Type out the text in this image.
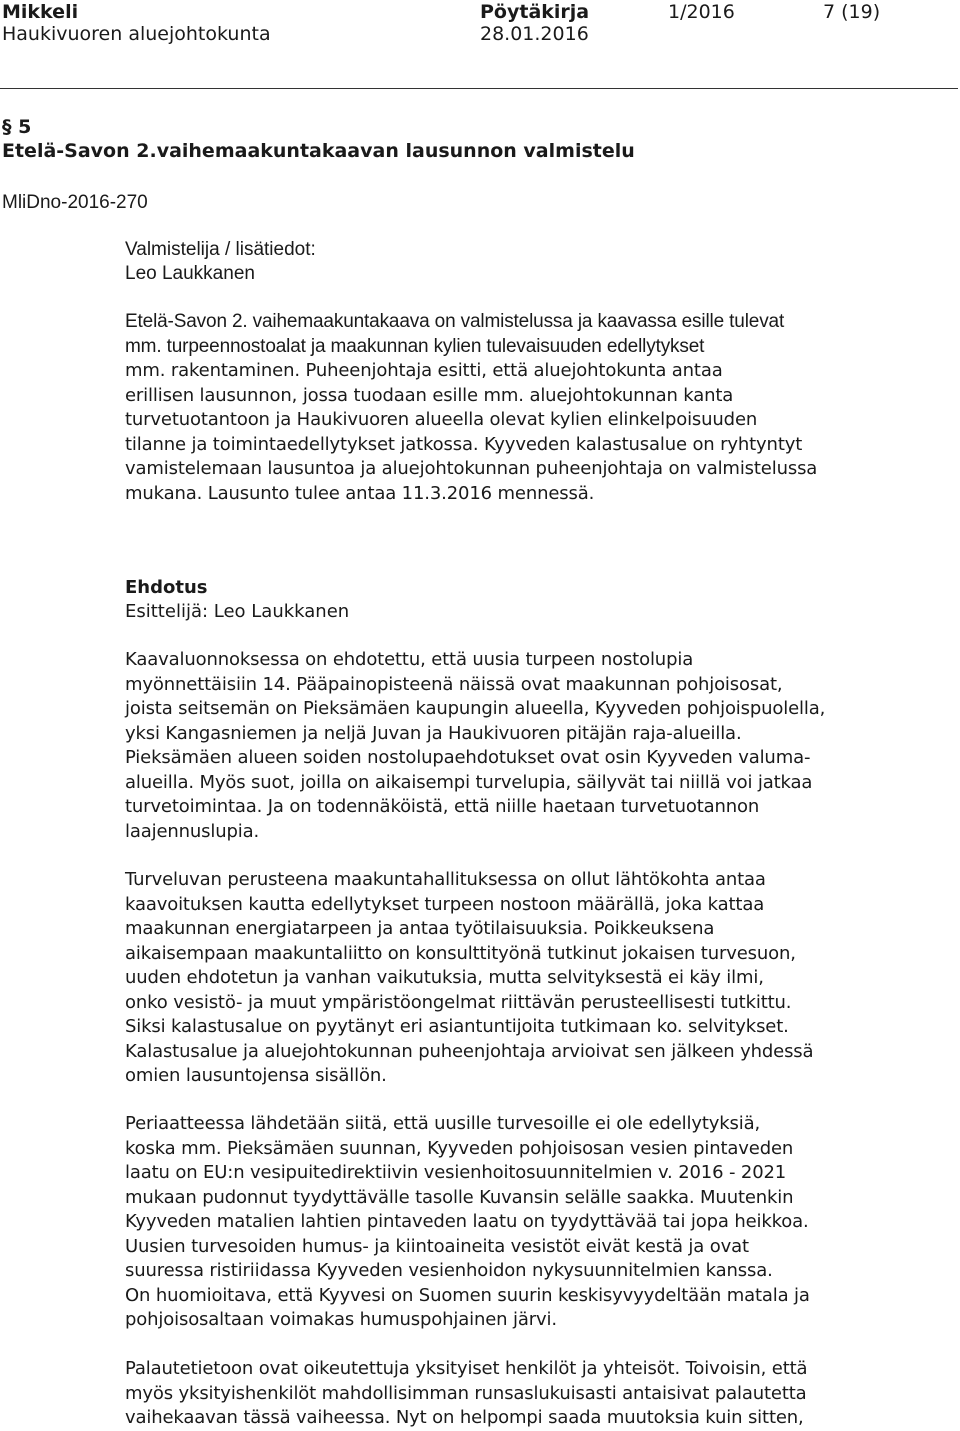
Mikkeli
Haukivuoren aluejohtokunta
Pöytäkirja
28.01.2016
1/2016	7 (19)
§ 5
Etelä-Savon 2.vaihemaakuntakaavan lausunnon valmistelu
MliDno-2016-270
Valmistelija / lisätiedot:
Leo Laukkanen
Etelä-Savon 2. vaihemaakuntakaava on valmistelussa ja kaavassa esille tulevat
mm. turpeennostoalat ja maakunnan kylien tulevaisuuden edellytykset
mm. rakentaminen. Puheenjohtaja esitti, että aluejohtokunta antaa
erillisen lausunnon, jossa tuodaan esille mm. aluejohtokunnan kanta
turvetuotantoon ja Haukivuoren alueella olevat kylien elinkelpoisuuden
tilanne ja toimintaedellytykset jatkossa. Kyyveden kalastusalue on ryhtyntyt
vamistelemaan lausuntoa ja aluejohtokunnan puheenjohtaja on valmistelussa
mukana. Lausunto tulee antaa 11.3.2016 mennessä.
Ehdotus
Esittelijä: Leo Laukkanen
Kaavaluonnoksessa on ehdotettu, että uusia turpeen nostolupia
myönnettäisiin 14. Pääpainopisteenä näissä ovat maakunnan pohjoisosat,
joista seitsemän on Pieksämäen kaupungin alueella, Kyyveden pohjoispuolella,
yksi Kangasniemen ja neljä Juvan ja Haukivuoren pitäjän raja-alueilla.
Pieksämäen alueen soiden nostolupaehdotukset ovat osin Kyyveden valuma-
alueilla. Myös suot, joilla on aikaisempi turvelupia, säilyvät tai niillä voi jatkaa
turvetoimintaa. Ja on todennäköistä, että niille haetaan turvetuotannon
laajennuslupia.
Turveluvan perusteena maakuntahallituksessa on ollut lähtökohta antaa
kaavoituksen kautta edellytykset turpeen nostoon määrällä, joka kattaa
maakunnan energiatarpeen ja antaa työtilaisuuksia. Poikkeuksena
aikaisempaan maakuntaliitto on konsulttityönä tutkinut jokaisen turvesuon,
uuden ehdotetun ja vanhan vaikutuksia, mutta selvityksestä ei käy ilmi,
onko vesistö- ja muut ympäristöongelmat riittävän perusteellisesti tutkittu.
Siksi kalastusalue on pyytänyt eri asiantuntijoita tutkimaan ko. selvitykset.
Kalastusalue ja aluejohtokunnan puheenjohtaja arvioivat sen jälkeen yhdessä
omien lausuntojensa sisällön.
Periaatteessa lähdetään siitä, että uusille turvesoille ei ole edellytyksiä,
koska mm. Pieksämäen suunnan, Kyyveden pohjoisosan vesien pintaveden
laatu on EU:n vesipuitedirektiivin vesienhoitosuunnitelmien v. 2016 - 2021
mukaan pudonnut tyydyttävälle tasolle Kuvansin selälle saakka. Muutenkin
Kyyveden matalien lahtien pintaveden laatu on tyydyttävää tai jopa heikkoa.
Uusien turvesoiden humus- ja kiintoaineita vesistöt eivät kestä ja ovat
suuressa ristiriidassa Kyyveden vesienhoidon nykysuunnitelmien kanssa.
On huomioitava, että Kyyvesi on Suomen suurin keskisyvyydeltään matala ja
pohjoisosaltaan voimakas humuspohjainen järvi.
Palautetietoon ovat oikeutettuja yksityiset henkilöt ja yhteisöt. Toivoisin, että
myös yksityishenkilöt mahdollisimman runsaslukuisasti antaisivat palautetta
vaihekaavan tässä vaiheessa. Nyt on helpompi saada muutoksia kuin sitten,
